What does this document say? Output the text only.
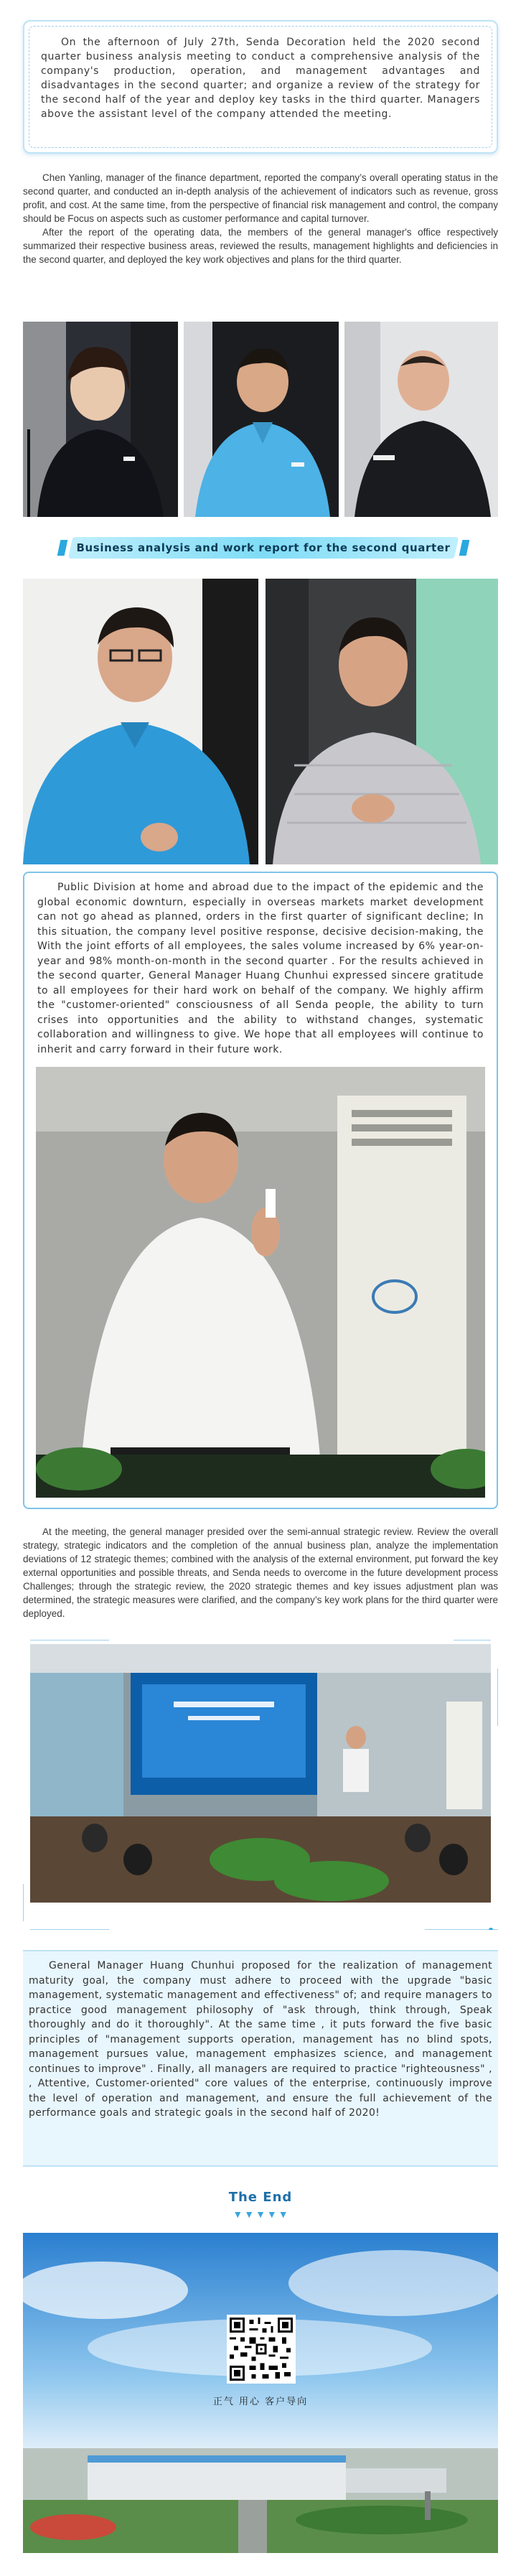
On the afternoon of July 27th, Senda Decoration held the 2020 second quarter business analysis meeting to conduct a comprehensive analysis of the company's production, operation, and management advantages and disadvantages in the second quarter; and organize a review of the strategy for the second half of the year and deploy key tasks in the third quarter. Managers above the assistant level of the company attended the meeting.

Chen Yanling, manager of the finance department, reported the company’s overall operating status in the second quarter, and conducted an in-depth analysis of the achievement of indicators such as revenue, gross profit, and cost. At the same time, from the perspective of financial risk management and control, the company should be Focus on aspects such as customer performance and capital turnover.

After the report of the operating data, the members of the general manager's office respectively summarized their respective business areas, reviewed the results, management highlights and deficiencies in the second quarter, and deployed the key work objectives and plans for the third quarter.

Business analysis and work report for the second quarter

Public Division at home and abroad due to the impact of the epidemic and the global economic downturn, especially in overseas markets market development can not go ahead as planned, orders in the first quarter of significant decline; In this situation, the company level positive response, decisive decision-making, the With the joint efforts of all employees, the sales volume increased by 6% year-on-year and 98% month-on-month in the second quarter . For the results achieved in the second quarter, General Manager Huang Chunhui expressed sincere gratitude to all employees for their hard work on behalf of the company. We highly affirm the "customer-oriented" consciousness of all Senda people, the ability to turn crises into opportunities and the ability to withstand changes, systematic collaboration and willingness to give. We hope that all employees will continue to inherit and carry forward in their future work.

At the meeting, the general manager presided over the semi-annual strategic review. Review the overall strategy, strategic indicators and the completion of the annual business plan, analyze the implementation deviations of 12 strategic themes; combined with the analysis of the external environment, put forward the key external opportunities and possible threats, and Senda needs to overcome in the future development process Challenges; through the strategic review, the 2020 strategic themes and key issues adjustment plan was determined, the strategic measures were clarified, and the company’s key work plans for the third quarter were deployed.

General Manager Huang Chunhui proposed for the realization of management maturity goal, the company must adhere to proceed with the upgrade "basic management, systematic management and effectiveness" of; and require managers to practice good management philosophy of "ask through, think through, Speak thoroughly and do it thoroughly". At the same time , it puts forward the five basic principles of "management supports operation, management has no blind spots, management pursues value, management emphasizes science, and management continues to improve" . Finally, all managers are required to practice "righteousness" , , Attentive, Customer-oriented" core values of the enterprise, continuously improve the level of operation and management, and ensure the full achievement of the performance goals and strategic goals in the second half of 2020!

The End
▼ ▼ ▼ ▼ ▼
正气 用心 客户导向
